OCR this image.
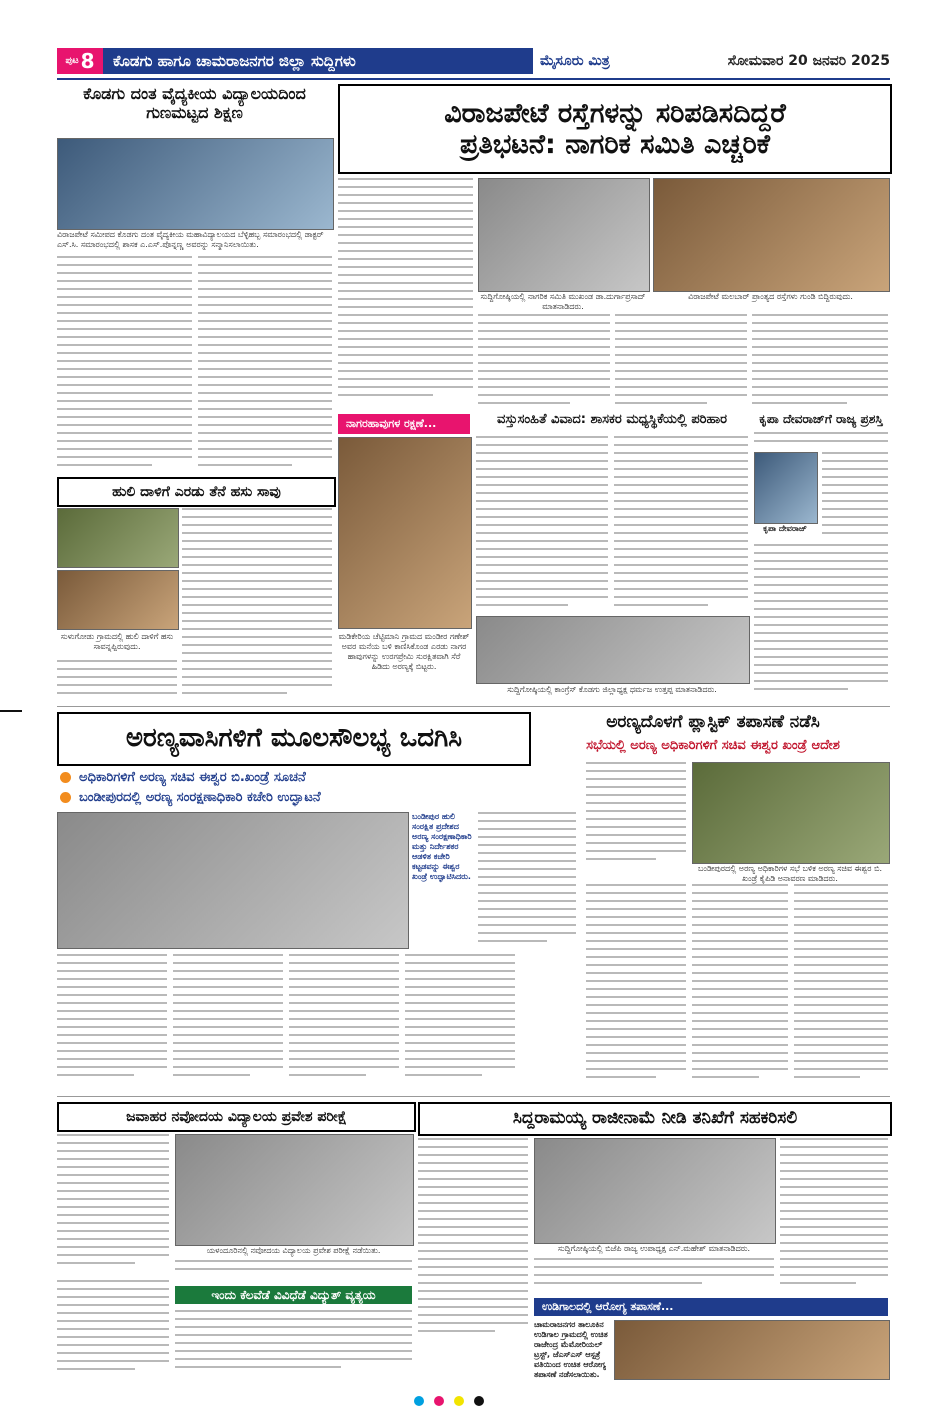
ಪುಟ 8	ಕೊಡಗು ಹಾಗೂ ಚಾಮರಾಜನಗರ ಜಿಲ್ಲಾ ಸುದ್ದಿಗಳು	ಮೈಸೂರು ಮಿತ್ರ	ಸೋಮವಾರ 20 ಜನವರಿ 2025
ಕೊಡಗು ದಂತ ವೈದ್ಯಕೀಯ ವಿದ್ಯಾಲಯದಿಂದ ಗುಣಮಟ್ಟದ ಶಿಕ್ಷಣ
ವಿರಾಜಪೇಟೆ ಸಮೀಪದ ಕೊಡಗು ದಂತ ವೈದ್ಯಕೀಯ ಮಹಾವಿದ್ಯಾಲಯದ ಬೆಳ್ಳಿಹಬ್ಬ ಸಮಾರಂಭದಲ್ಲಿ ಡಾಕ್ಟರ್ ಎಸ್.ಸಿ. ಸಮಾರಂಭದಲ್ಲಿ ಶಾಸಕ ಎ.ಎಸ್.ಪೊನ್ನಣ್ಣ ಅವರನ್ನು ಸನ್ಮಾನಿಸಲಾಯಿತು.
ವಿರಾಜಪೇಟೆ ರಸ್ತೆಗಳನ್ನು ಸರಿಪಡಿಸದಿದ್ದರೆ
ಪ್ರತಿಭಟನೆ: ನಾಗರಿಕ ಸಮಿತಿ ಎಚ್ಚರಿಕೆ
ಸುದ್ದಿಗೋಷ್ಠಿಯಲ್ಲಿ ನಾಗರಿಕ ಸಮಿತಿ ಮುಖಂಡ ಡಾ.ದುರ್ಗಾಪ್ರಸಾದ್ ಮಾತನಾಡಿದರು.
ವಿರಾಜಪೇಟೆ ಮಲಬಾರ್ ಪ್ರಾಂತ್ಯದ ರಸ್ತೆಗಳು ಗುಂಡಿ ಬಿದ್ದಿರುವುದು.
ಹುಲಿ ದಾಳಿಗೆ ಎರಡು ತೆನೆ ಹಸು ಸಾವು
ಸುಳುಗೋಡು ಗ್ರಾಮದಲ್ಲಿ ಹುಲಿ ದಾಳಿಗೆ ಹಸು ಸಾವನ್ನಪ್ಪಿರುವುದು.
ನಾಗರಹಾವುಗಳ ರಕ್ಷಣೆ...
ಮಡಿಕೇರಿಯ ಚೆಟ್ಟಿಮಾನಿ ಗ್ರಾಮದ ಮಂಡೀರ ಗಣೇಶ್ ಅವರ ಮನೆಯ ಬಳಿ ಕಾಣಿಸಿಕೊಂಡ ಎರಡು ನಾಗರ ಹಾವುಗಳನ್ನು ಉರಗಪ್ರೇಮಿ ಸುರಕ್ಷಿತವಾಗಿ ಸೆರೆ ಹಿಡಿದು ಅರಣ್ಯಕ್ಕೆ ಬಿಟ್ಟರು.
ವಸ್ತುಸಂಹಿತೆ ವಿವಾದ: ಶಾಸಕರ ಮಧ್ಯಸ್ಥಿಕೆಯಲ್ಲಿ ಪರಿಹಾರ
ಸುದ್ದಿಗೋಷ್ಠಿಯಲ್ಲಿ ಕಾಂಗ್ರೆಸ್ ಕೊಡಗು ಜಿಲ್ಲಾಧ್ಯಕ್ಷ ಧರ್ಮಜ ಉತ್ತಪ್ಪ ಮಾತನಾಡಿದರು.
ಕೃಪಾ ದೇವರಾಜ್‌ಗೆ ರಾಜ್ಯ ಪ್ರಶಸ್ತಿ
ಕೃಪಾ ದೇವರಾಜ್
ಅರಣ್ಯವಾಸಿಗಳಿಗೆ ಮೂಲಸೌಲಭ್ಯ ಒದಗಿಸಿ
ಅಧಿಕಾರಿಗಳಿಗೆ ಅರಣ್ಯ ಸಚಿವ ಈಶ್ವರ ಬಿ.ಖಂಡ್ರೆ ಸೂಚನೆ
ಬಂಡೀಪುರದಲ್ಲಿ ಅರಣ್ಯ ಸಂರಕ್ಷಣಾಧಿಕಾರಿ ಕಚೇರಿ ಉದ್ಘಾಟನೆ
ಬಂಡೀಪುರ ಹುಲಿ ಸಂರಕ್ಷಿತ ಪ್ರದೇಶದ ಅರಣ್ಯ ಸಂರಕ್ಷಣಾಧಿಕಾರಿ ಮತ್ತು ನಿರ್ದೇಶಕರ ಆಡಳಿತ ಕಚೇರಿ ಕಟ್ಟಡವನ್ನು ಈಶ್ವರ ಖಂಡ್ರೆ ಉದ್ಘಾಟಿಸಿದರು.
ಅರಣ್ಯದೊಳಗೆ ಪ್ಲಾಸ್ಟಿಕ್ ತಪಾಸಣೆ ನಡೆಸಿ
ಸಭೆಯಲ್ಲಿ ಅರಣ್ಯ ಅಧಿಕಾರಿಗಳಿಗೆ ಸಚಿವ ಈಶ್ವರ ಖಂಡ್ರೆ ಆದೇಶ
ಬಂಡೀಪುರದಲ್ಲಿ ಅರಣ್ಯ ಅಧಿಕಾರಿಗಳ ಸಭೆ ಬಳಿಕ ಅರಣ್ಯ ಸಚಿವ ಈಶ್ವರ ಬಿ. ಖಂಡ್ರೆ ಕೈಪಿಡಿ ಅನಾವರಣ ಮಾಡಿದರು.
ಜವಾಹರ ನವೋದಯ ವಿದ್ಯಾಲಯ ಪ್ರವೇಶ ಪರೀಕ್ಷೆ
ಯಳಂದೂರಿನಲ್ಲಿ ನವೋದಯ ವಿದ್ಯಾಲಯ ಪ್ರವೇಶ ಪರೀಕ್ಷೆ ನಡೆಯಿತು.
ಇಂದು ಕೆಲವೆಡೆ ವಿವಿಧೆಡೆ ವಿದ್ಯುತ್ ವ್ಯತ್ಯಯ
ಸಿದ್ದರಾಮಯ್ಯ ರಾಜೀನಾಮೆ ನೀಡಿ ತನಿಖೆಗೆ ಸಹಕರಿಸಲಿ
ಸುದ್ದಿಗೋಷ್ಠಿಯಲ್ಲಿ ಬಿಜೆಪಿ ರಾಜ್ಯ ಉಪಾಧ್ಯಕ್ಷ ಎನ್.ಮಹೇಶ್ ಮಾತನಾಡಿದರು.
ಉಡಿಗಾಲದಲ್ಲಿ ಆರೋಗ್ಯ ತಪಾಸಣೆ...
ಚಾಮರಾಜನಗರ ತಾಲೂಕಿನ ಉಡಿಗಾಲ ಗ್ರಾಮದಲ್ಲಿ ಉಚಿತ ರಾಜೇಂದ್ರ ಮೆಮೋರಿಯಲ್ ಟ್ರಸ್ಟ್, ಜೆಎಸ್‌ಎಸ್ ಆಸ್ಪತ್ರೆ ವತಿಯಿಂದ ಉಚಿತ ಆರೋಗ್ಯ ತಪಾಸಣೆ ನಡೆಸಲಾಯಿತು.
